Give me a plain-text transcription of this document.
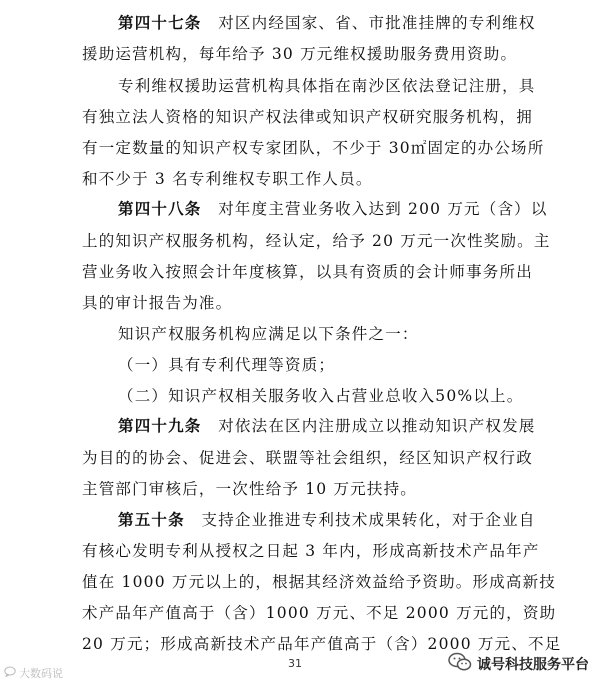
第四十七条　对区内经国家、省、市批准挂牌的专利维权
援助运营机构，每年给予 30 万元维权援助服务费用资助。
专利维权援助运营机构具体指在南沙区依法登记注册，具
有独立法人资格的知识产权法律或知识产权研究服务机构，拥
有一定数量的知识产权专家团队，不少于 30㎡固定的办公场所
和不少于 3 名专利维权专职工作人员。
第四十八条　对年度主营业务收入达到 200 万元（含）以
上的知识产权服务机构，经认定，给予 20 万元一次性奖励。主
营业务收入按照会计年度核算，以具有资质的会计师事务所出
具的审计报告为准。
知识产权服务机构应满足以下条件之一：
（一）具有专利代理等资质；
（二）知识产权相关服务收入占营业总收入50%以上。
第四十九条　对依法在区内注册成立以推动知识产权发展
为目的的协会、促进会、联盟等社会组织，经区知识产权行政
主管部门审核后，一次性给予 10 万元扶持。
第五十条　支持企业推进专利技术成果转化，对于企业自
有核心发明专利从授权之日起 3 年内，形成高新技术产品年产
值在 1000 万元以上的，根据其经济效益给予资助。形成高新技
术产品年产值高于（含）1000 万元、不足 2000 万元的，资助
20 万元；形成高新技术产品年产值高于（含）2000 万元、不足
31
大数码说
诚号科技服务平台
